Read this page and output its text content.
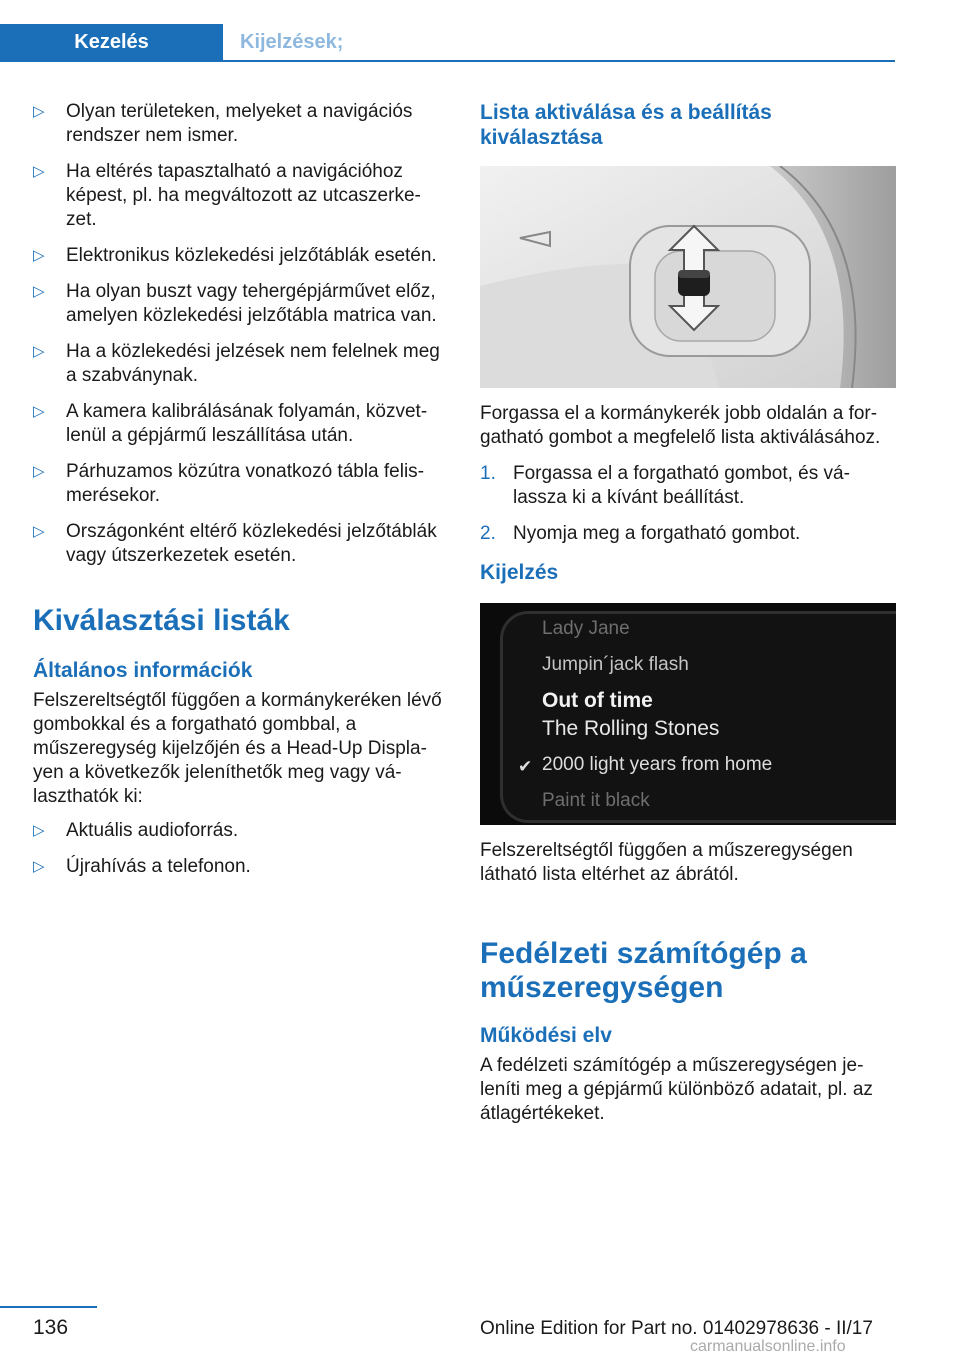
Kezelés	Kijelzések;
▷ Olyan területeken, melyeket a navigációs rendszer nem ismer.
▷ Ha eltérés tapasztalható a navigációhoz képest, pl. ha megváltozott az utcaszerkezet.
▷ Elektronikus közlekedési jelzőtáblák esetén.
▷ Ha olyan buszt vagy tehergépjárművet előz, amelyen közlekedési jelzőtábla matrica van.
▷ Ha a közlekedési jelzések nem felelnek meg a szabványnak.
▷ A kamera kalibrálásának folyamán, közvetlenül a gépjármű leszállítása után.
▷ Párhuzamos közútra vonatkozó tábla felismerésekor.
▷ Országonként eltérő közlekedési jelzőtáblák vagy útszerkezetek esetén.
Kiválasztási listák
Általános információk

Felszereltségtől függően a kormánykeréken lévő gombokkal és a forgatható gombbal, a műszeregység kijelzőjén és a Head-Up Displayen a következők jeleníthetők meg vagy választhatók ki:

▷ Aktuális audioforrás.
▷ Újrahívás a telefonon.
Lista aktiválása és a beállítás kiválasztása

Forgassa el a kormánykerék jobb oldalán a forgatható gombot a megfelelő lista aktiválásához.

1. Forgassa el a forgatható gombot, és válassza ki a kívánt beállítást.
2. Nyomja meg a forgatható gombot.
Kijelzés
Lady Jane
Jumpin´jack flash
Out of time
The Rolling Stones
✔ 2000 light years from home
Paint it black

Felszereltségtől függően a műszeregységen látható lista eltérhet az ábrától.

Fedélzeti számítógép a műszeregységen
Működési elv

A fedélzeti számítógép a műszeregységen jeleníti meg a gépjármű különböző adatait, pl. az átlagértékeket.

136	Online Edition for Part no. 01402978636 - II/17
carmanualsonline.info
